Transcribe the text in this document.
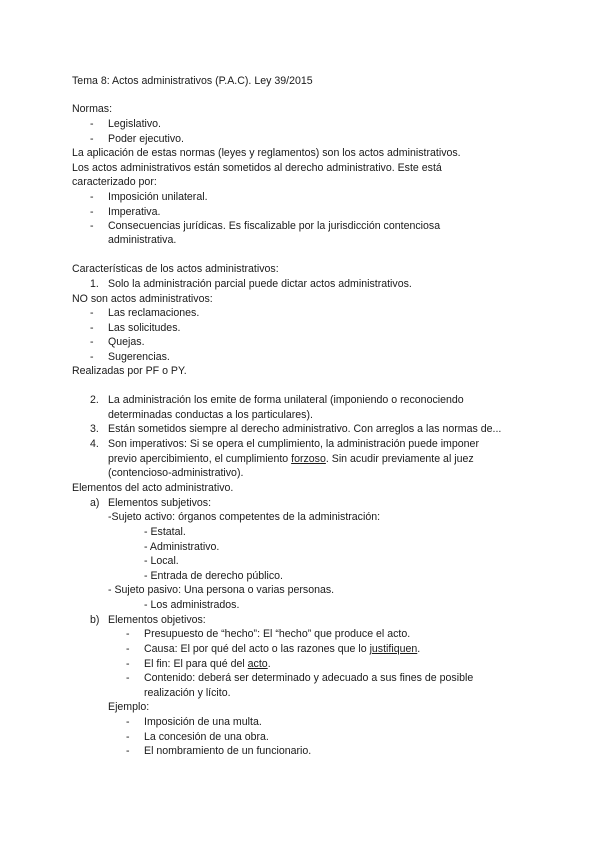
Tema 8: Actos administrativos (P.A.C). Ley 39/2015
Normas:
- Legislativo.
- Poder ejecutivo.
La aplicación de estas normas (leyes y reglamentos) son los actos administrativos.
Los actos administrativos están sometidos al derecho administrativo. Este está
caracterizado por:
- Imposición unilateral.
- Imperativa.
- Consecuencias jurídicas. Es fiscalizable por la jurisdicción contenciosa
administrativa.
Características de los actos administrativos:
1. Solo la administración parcial puede dictar actos administrativos.
NO son actos administrativos:
- Las reclamaciones.
- Las solicitudes.
- Quejas.
- Sugerencias.
Realizadas por PF o PY.
2. La administración los emite de forma unilateral (imponiendo o reconociendo
determinadas conductas a los particulares).
3. Están sometidos siempre al derecho administrativo. Con arreglos a las normas de...
4. Son imperativos: Si se opera el cumplimiento, la administración puede imponer
previo apercibimiento, el cumplimiento forzoso. Sin acudir previamente al juez
(contencioso-administrativo).
Elementos del acto administrativo.
a) Elementos subjetivos:
-Sujeto activo: órganos competentes de la administración:
- Estatal.
- Administrativo.
- Local.
- Entrada de derecho público.
- Sujeto pasivo: Una persona o varias personas.
- Los administrados.
b) Elementos objetivos:
- Presupuesto de “hecho”: El “hecho” que produce el acto.
- Causa: El por qué del acto o las razones que lo justifiquen.
- El fin: El para qué del acto.
- Contenido: deberá ser determinado y adecuado a sus fines de posible
realización y lícito.
Ejemplo:
- Imposición de una multa.
- La concesión de una obra.
- El nombramiento de un funcionario.
